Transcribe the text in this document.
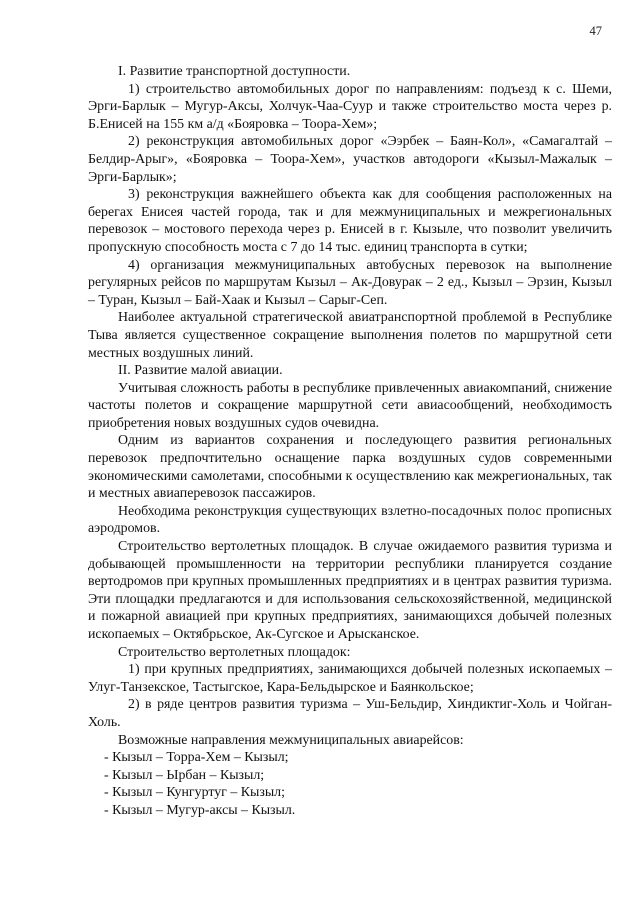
47

I. Развитие транспортной доступности.

1) строительство автомобильных дорог по направлениям: подъезд к с. Шеми, Эрги-Барлык – Мугур-Аксы, Холчук-Чаа-Суур и также строительство моста через р. Б.Енисей на 155 км а/д «Бояровка – Тоора-Хем»;

2) реконструкция автомобильных дорог «Ээрбек – Баян-Кол», «Самагалтай – Белдир-Арыг», «Бояровка – Тоора-Хем», участков автодороги «Кызыл-Мажалык – Эрги-Барлык»;

3) реконструкция важнейшего объекта как для сообщения расположенных на берегах Енисея частей города, так и для межмуниципальных и межрегиональных перевозок – мостового перехода через р. Енисей в г. Кызыле, что позволит увеличить пропускную способность моста с 7 до 14 тыс. единиц транспорта в сутки;

4) организация межмуниципальных автобусных перевозок на выполнение регулярных рейсов по маршрутам Кызыл – Ак-Довурак – 2 ед., Кызыл – Эрзин, Кызыл – Туран, Кызыл – Бай-Хаак и Кызыл – Сарыг-Сеп.

Наиболее актуальной стратегической авиатранспортной проблемой в Республике Тыва является существенное сокращение выполнения полетов по маршрутной сети местных воздушных линий.

II. Развитие малой авиации.

Учитывая сложность работы в республике привлеченных авиакомпаний, снижение частоты полетов и сокращение маршрутной сети авиасообщений, необходимость приобретения новых воздушных судов очевидна.

Одним из вариантов сохранения и последующего развития региональных перевозок предпочтительно оснащение парка воздушных судов современными экономическими самолетами, способными к осуществлению как межрегиональных, так и местных авиаперевозок пассажиров.

Необходима реконструкция существующих взлетно-посадочных полос прописных аэродромов.

Строительство вертолетных площадок. В случае ожидаемого развития туризма и добывающей промышленности на территории республики планируется создание вертодромов при крупных промышленных предприятиях и в центрах развития туризма. Эти площадки предлагаются и для использования сельскохозяйственной, медицинской и пожарной авиацией при крупных предприятиях, занимающихся добычей полезных ископаемых – Октябрьское, Ак-Сугское и Арысканское.

Строительство вертолетных площадок:

1) при крупных предприятиях, занимающихся добычей полезных ископаемых – Улуг-Танзекское, Тастыгское, Кара-Бельдырское и Баянкольское;

2) в ряде центров развития туризма – Уш-Бельдир, Хиндиктиг-Холь и Чойган-Холь.

Возможные направления межмуниципальных авиарейсов:

- Кызыл – Торра-Хем – Кызыл;

- Кызыл – Ырбан – Кызыл;

- Кызыл – Кунгуртуг – Кызыл;

- Кызыл – Мугур-аксы – Кызыл.
